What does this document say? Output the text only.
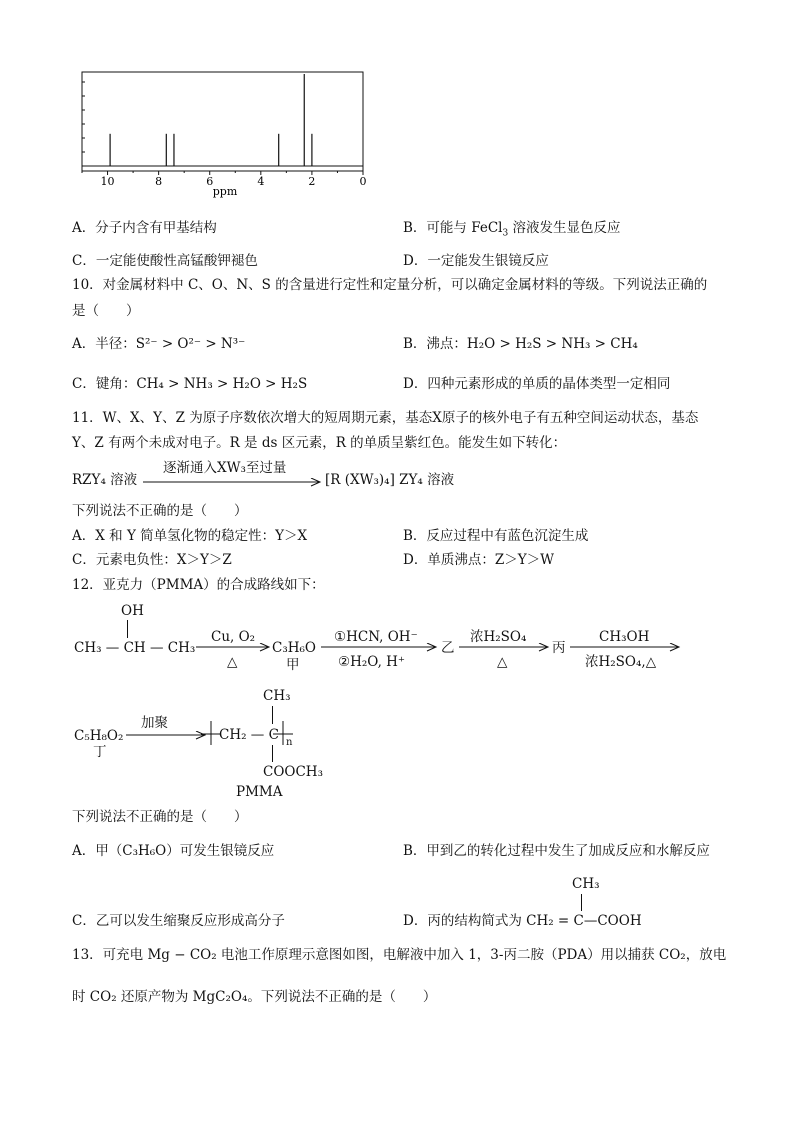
10	8	6	4	2	0
ppm
A．分子内含有甲基结构	B．可能与 FeCl$_3$ 溶液发生显色反应
C．一定能使酸性高锰酸钾褪色	D．一定能发生银镜反应
10．对金属材料中 C、O、N、S 的含量进行定性和定量分析，可以确定金属材料的等级。下列说法正确的
是（　　）
A．半径：S²⁻ > O²⁻ > N³⁻	B．沸点：H₂O > H₂S > NH₃ > CH₄
C．键角：CH₄ > NH₃ > H₂O > H₂S	D．四种元素形成的单质的晶体类型一定相同
11．W、X、Y、Z 为原子序数依次增大的短周期元素，基态X原子的核外电子有五种空间运动状态，基态
Y、Z 有两个未成对电子。R 是 ds 区元素，R 的单质呈紫红色。能发生如下转化：
RZY₄ 溶液
逐渐通入XW₃至过量
[R (XW₃)₄] ZY₄ 溶液
下列说法不正确的是（　　）
A．X 和 Y 简单氢化物的稳定性：Y＞X	B．反应过程中有蓝色沉淀生成
C．元素电负性：X＞Y＞Z	D．单质沸点：Z＞Y＞W
12．亚克力（PMMA）的合成路线如下：
OH
CH₃ — CH — CH₃
Cu, O₂
△
C₃H₆O
甲
①HCN, OH⁻
②H₂O, H⁺
乙
浓H₂SO₄
△
丙
CH₃OH
浓H₂SO₄,△
C₅H₈O₂
丁
加聚
CH₃
CH₂ — C n
COOCH₃
PMMA
下列说法不正确的是（　　）
A．甲（C₃H₆O）可发生银镜反应	B．甲到乙的转化过程中发生了加成反应和水解反应
C．乙可以发生缩聚反应形成高分子
CH₃
D．丙的结构简式为 CH₂ = C—COOH
13．可充电 Mg − CO₂ 电池工作原理示意图如图，电解液中加入 1，3-丙二胺（PDA）用以捕获 CO₂，放电
时 CO₂ 还原产物为 MgC₂O₄。下列说法不正确的是（　　）
